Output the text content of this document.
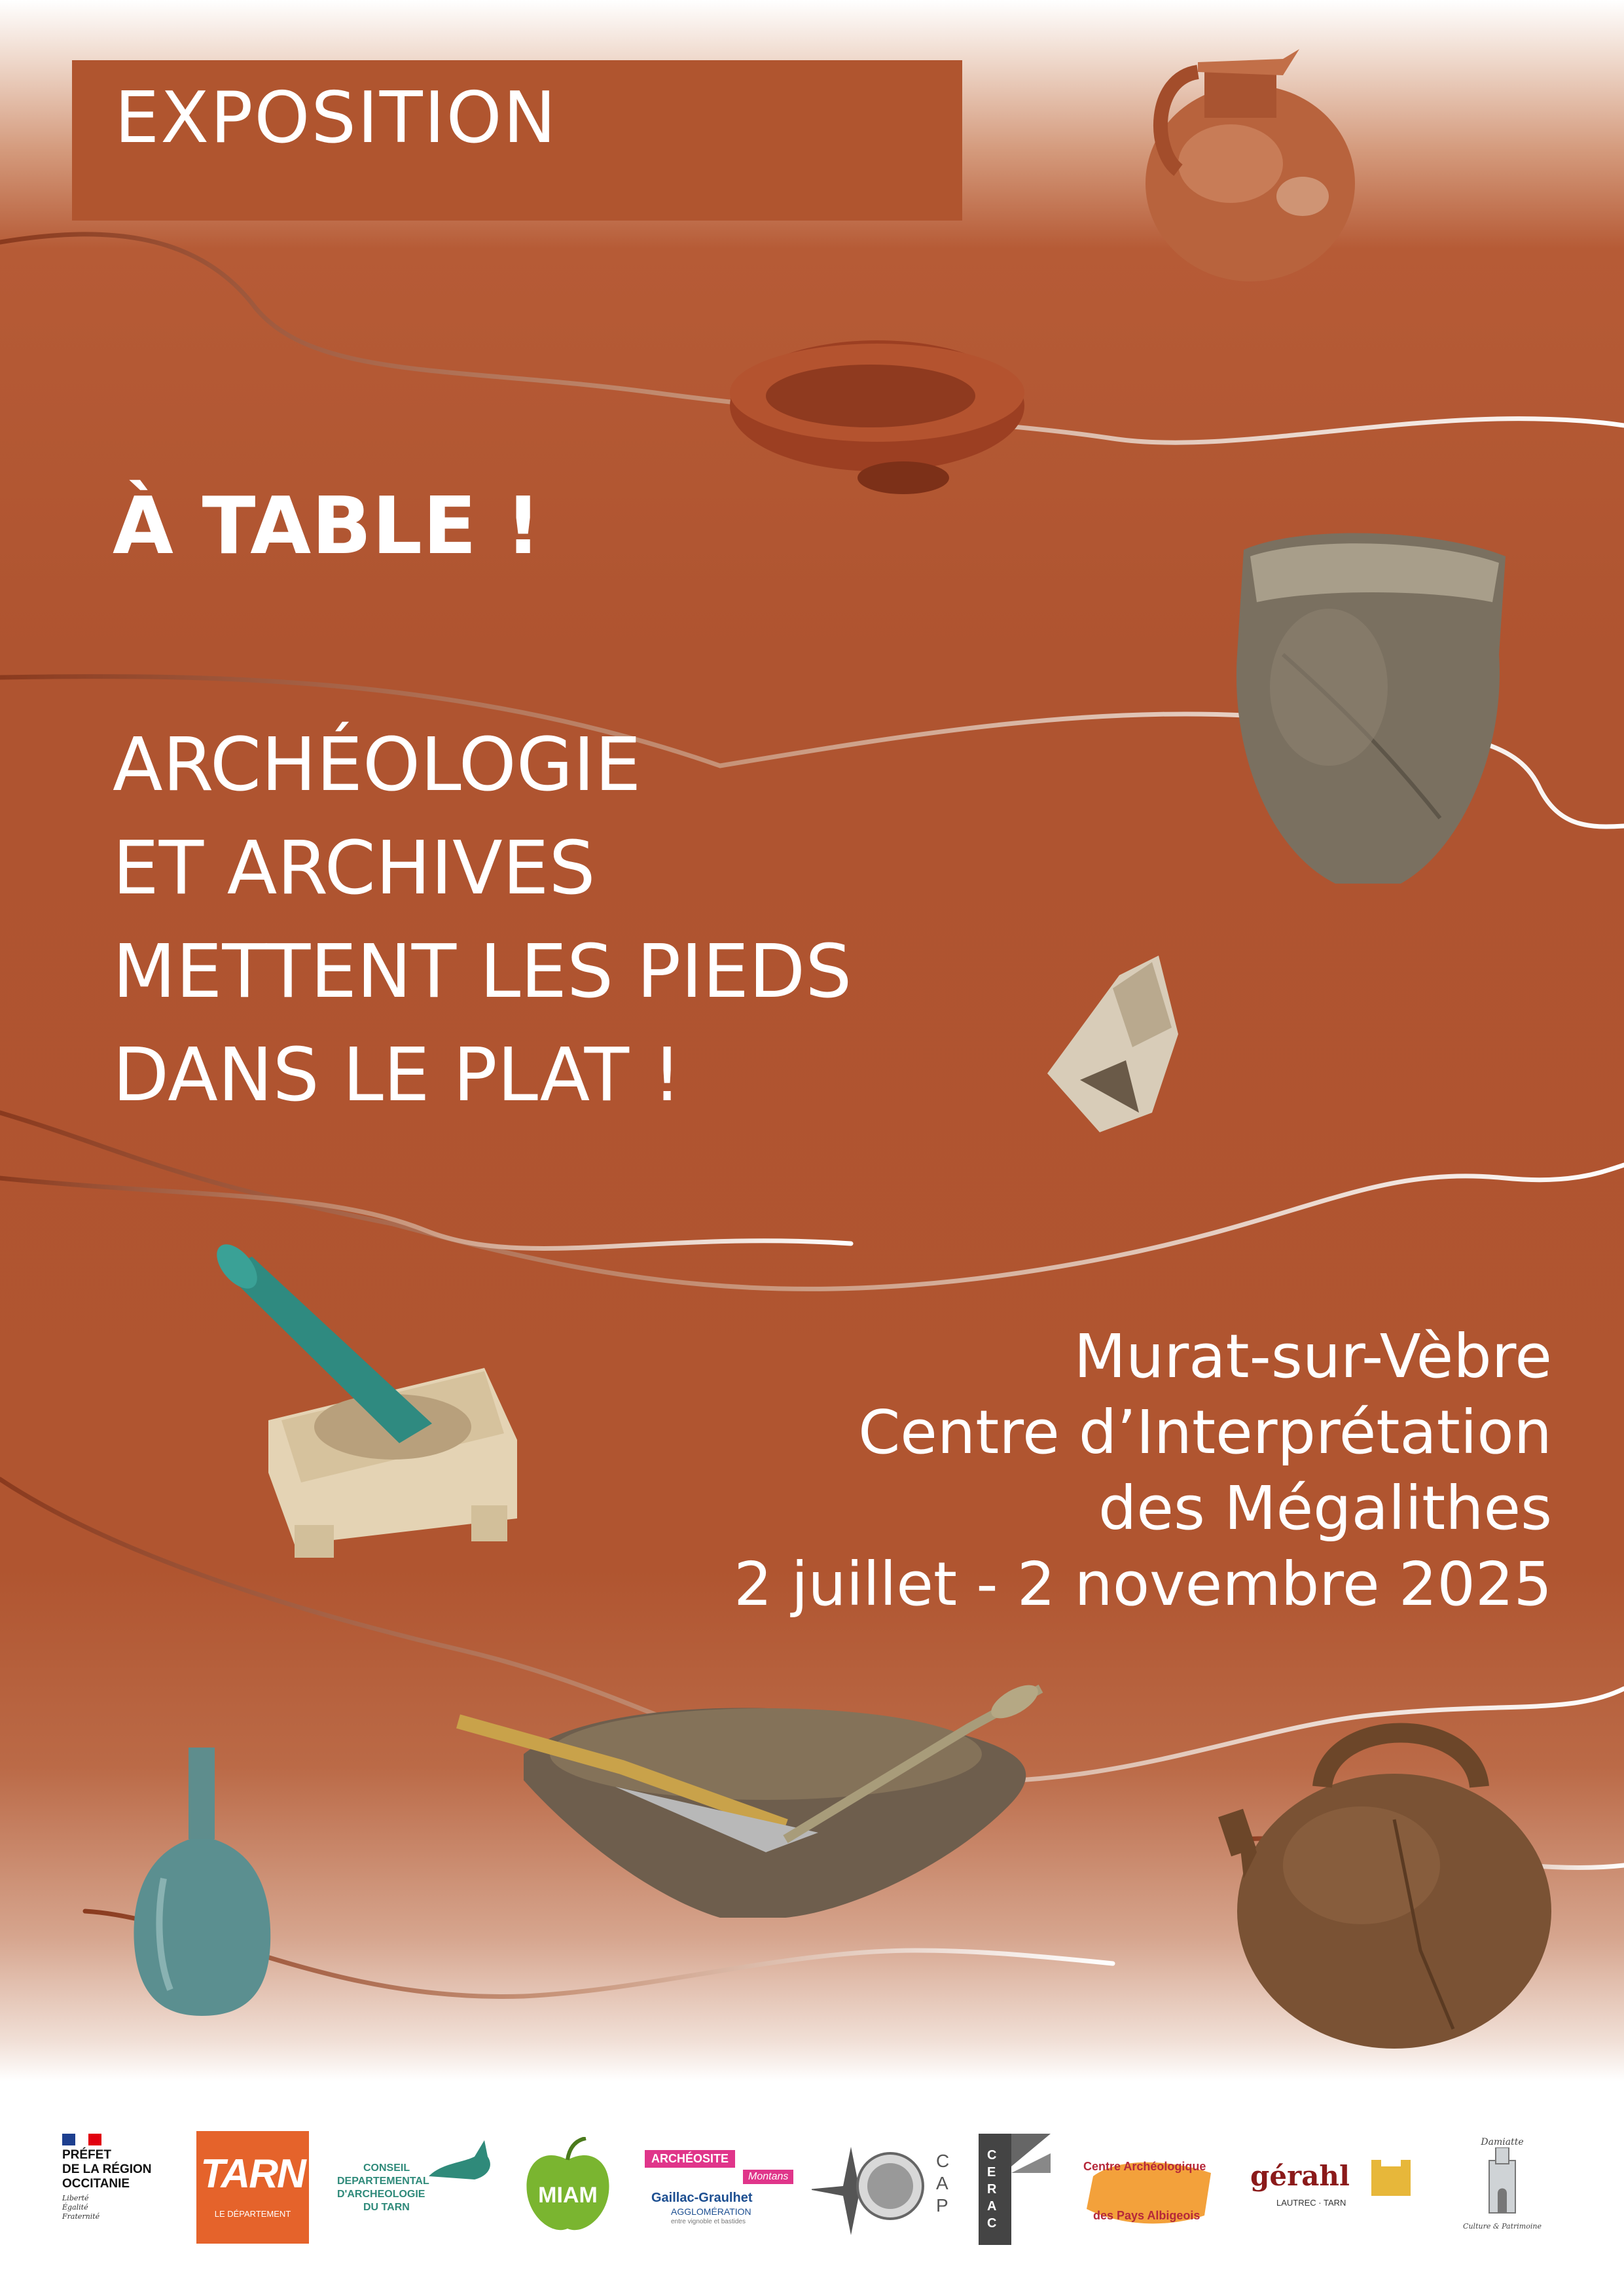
EXPOSITION
À TABLE !
ARCHÉOLOGIE
ET ARCHIVES
METTENT LES PIEDS
DANS LE PLAT !
Murat-sur-Vèbre
Centre d’Interprétation
des Mégalithes
2 juillet - 2 novembre 2025
PRÉFET
DE LA RÉGION
OCCITANIE
Liberté
Égalité
Fraternité
TARN
LE DÉPARTEMENT
CONSEIL
DEPARTEMENTAL
D'ARCHEOLOGIE
DU TARN	MIAM
ARCHÉOSITE
Montans
Gaillac-Graulhet
AGGLOMÉRATION
entre vignoble et bastides
CAP
CERAC
Centre Archéologique
des Pays Albigeois
gérahl
LAUTREC · TARN
Damiatte
Culture & Patrimoine
